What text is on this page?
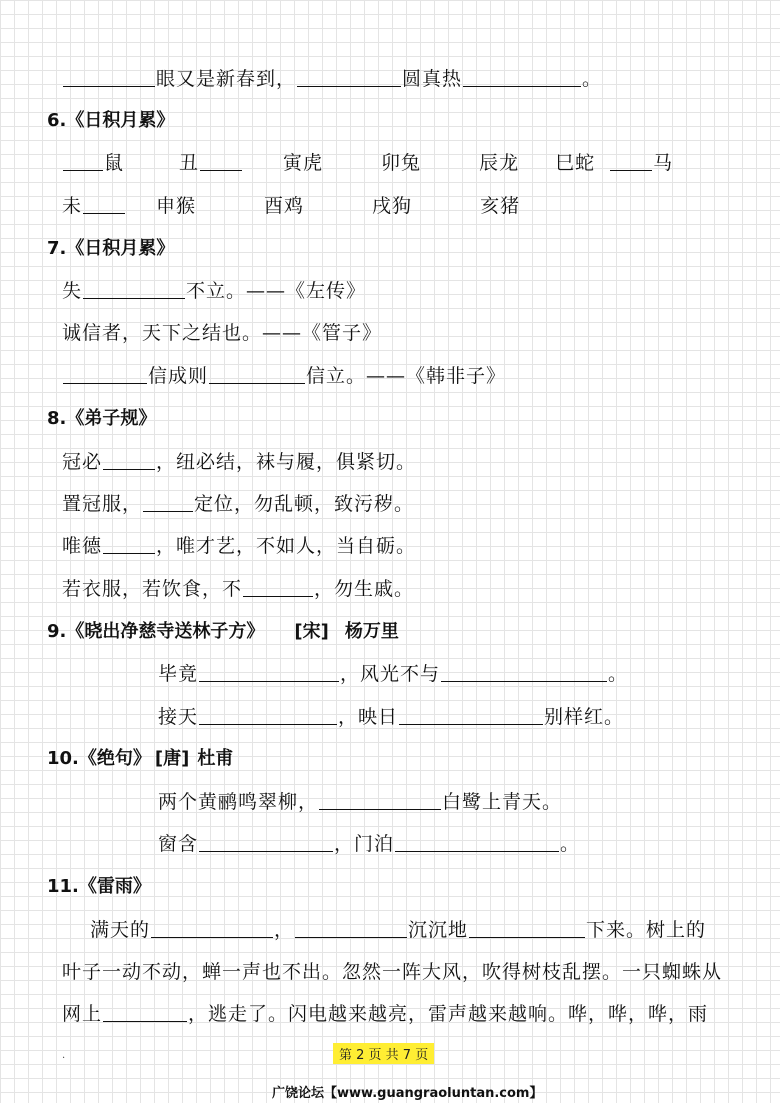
眼又是新春到，	圆真热	。
6.《日积月累》
鼠	丑	寅虎	卯兔	辰龙 巳蛇	马
未	申猴	酉鸡	戌狗	亥猪
7.《日积月累》
失	不立。——《左传》
诚信者，天下之结也。——《管子》
信成则	信立。——《韩非子》
8.《弟子规》
冠必	，纽必结，袜与履，俱紧切。
置冠服，	定位，勿乱顿，致污秽。
唯德	，唯才艺，不如人，当自砺。
若衣服，若饮食，不	，勿生戚。
9.《晓出净慈寺送林子方》 [宋] 杨万里
毕竟	，风光不与	。
接天	，映日	别样红。
10.《绝句》 [唐] 杜甫
两个黄鹂鸣翠柳，	白鹭上青天。
窗含	，门泊	。
11.《雷雨》
满天的	，	沉沉地	下来。树上的
叶子一动不动，蝉一声也不出。忽然一阵大风，吹得树枝乱摆。一只蜘蛛从
网上	，逃走了。闪电越来越亮，雷声越来越响。哗，哗，哗，雨
.	第 2 页 共 7 页
广饶论坛【www.guangraoluntan.com】
